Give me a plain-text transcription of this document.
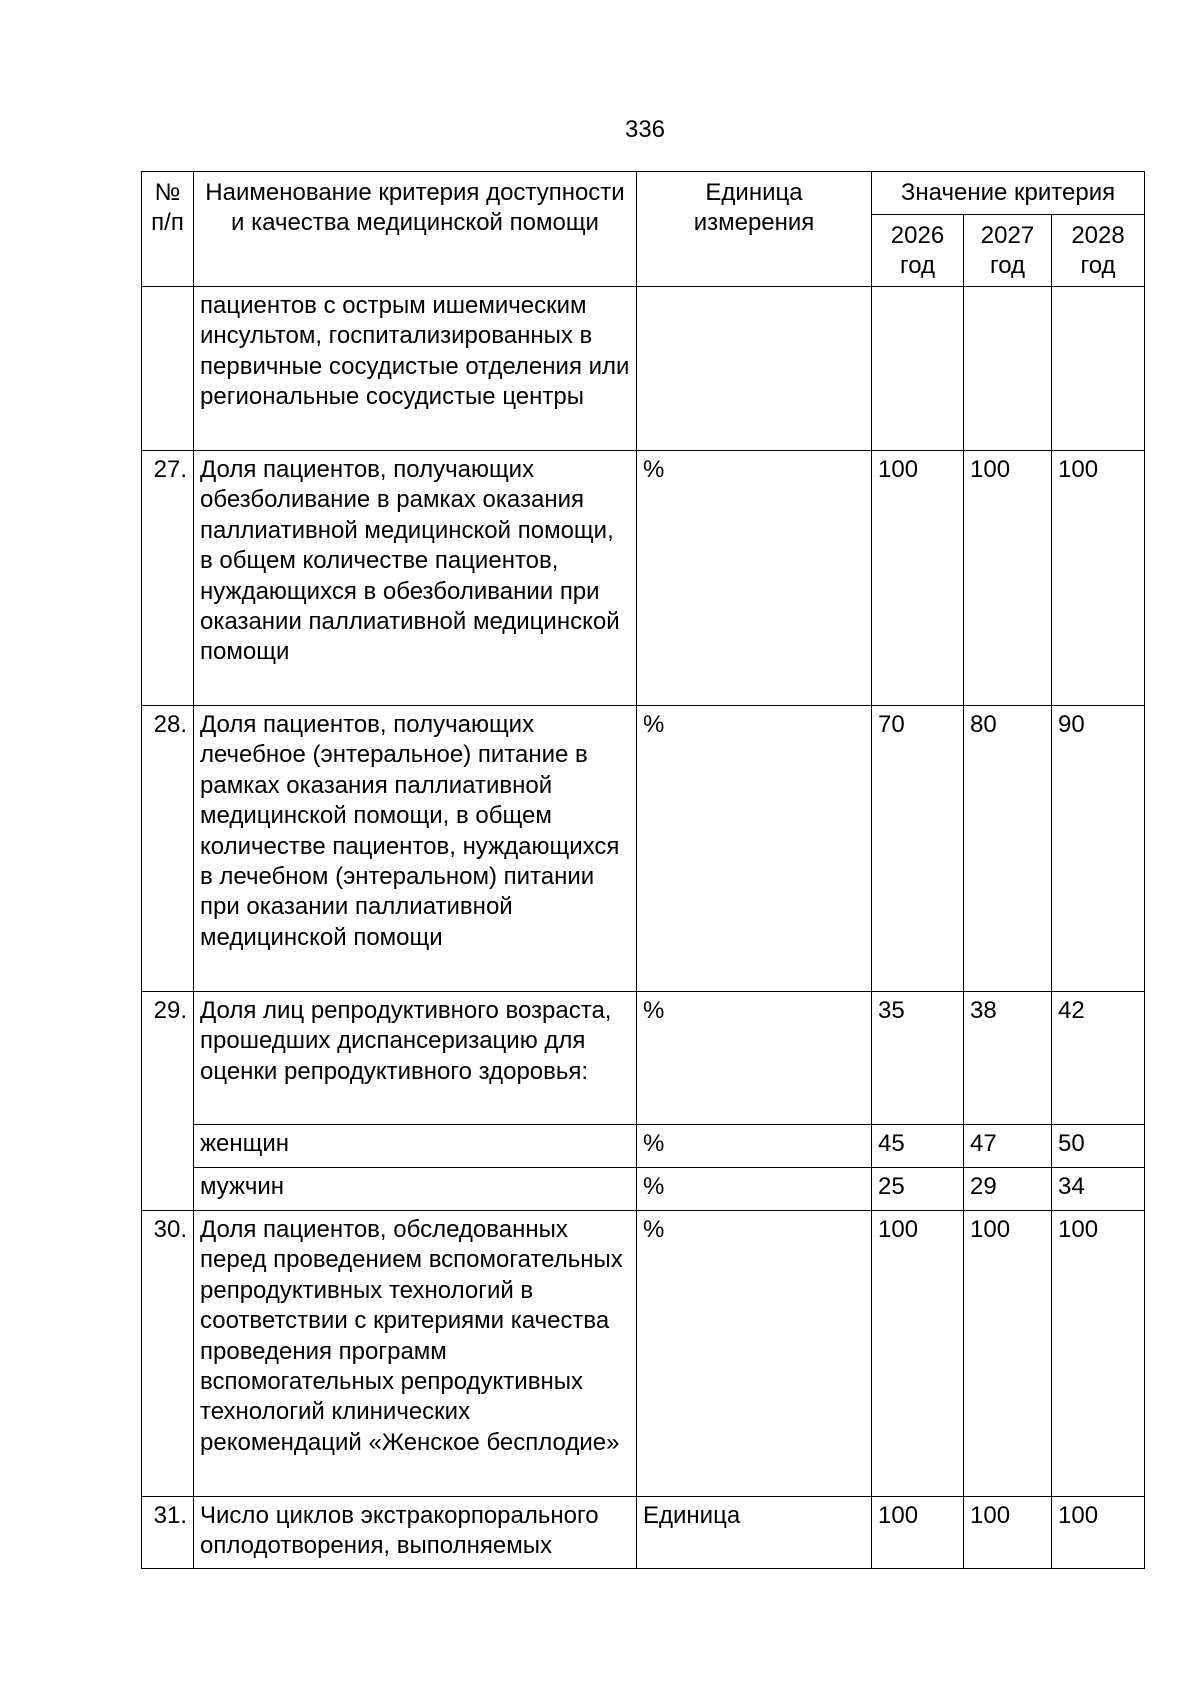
336
№ п/п	Наименование критерия доступности и качества медицинской помощи	Единица измерения	Значение критерия		
			2026 год	2027 год	2028 год
	пациентов с острым ишемическим инсультом, госпитализированных в первичные сосудистые отделения или региональные сосудистые центры				
27.	Доля пациентов, получающих обезболивание в рамках оказания паллиативной медицинской помощи, в общем количестве пациентов, нуждающихся в обезболивании при оказании паллиативной медицинской помощи	%	100	100	100
28.	Доля пациентов, получающих лечебное (энтеральное) питание в рамках оказания паллиативной медицинской помощи, в общем количестве пациентов, нуждающихся в лечебном (энтеральном) питании при оказании паллиативной медицинской помощи	%	70	80	90
29.	Доля лиц репродуктивного возраста, прошедших диспансеризацию для оценки репродуктивного здоровья:	%	35	38	42
	женщин	%	45	47	50
	мужчин	%	25	29	34
30.	Доля пациентов, обследованных перед проведением вспомогательных репродуктивных технологий в соответствии с критериями качества проведения программ вспомогательных репродуктивных технологий клинических рекомендаций «Женское бесплодие»	%	100	100	100
31.	Число циклов экстракорпорального оплодотворения, выполняемых	Единица	100	100	100
